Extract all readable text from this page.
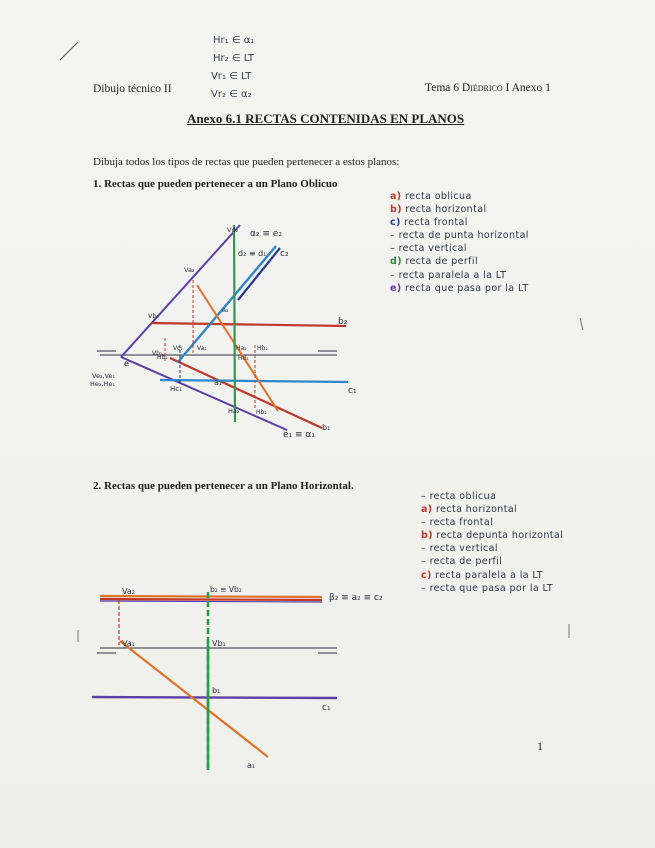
Hr₁ ∈ α₁
Hr₂ ∈ LT
Vr₁ ∈ LT
Vr₂ ∈ α₂
Dibujo técnico II	Tema 6 Diédrico I Anexo 1
Anexo 6.1 RECTAS CONTENIDAS EN PLANOS
Dibuja todos los tipos de rectas que pueden pertenecer a estos planos:
1. Rectas que pueden pertenecer a un Plano Oblicuo
a) recta oblicua
b) recta horizontal
c) recta frontal
– recta de punta horizontal
– recta vertical
d) recta de perfil
– recta paralela a la LT
e) recta que pasa por la LT
2. Rectas que pueden pertenecer a un Plano Horizontal.
– recta oblicua
a) recta horizontal
– recta frontal
b) recta depunta horizontal
– recta vertical
– recta de perfil
c) recta paralela a la LT
– recta que pasa por la LT
1
α₂ ≡ e₂
d₂ ≡ d₁ c₂
b₂
c₁
e₁ ≡ α₁
b₁
e
Ve₂,Ve₁
He₂,He₁
Vd₂
Va₂
Vb₂
a₂
Vc₂
Vb₁
Va₁	Ha₂
Hd₁
Hb₂
Hc₁
a₁
Ha₂	Hb₂
Hb₁
Va₂	b₂ ≡ Vb₂
β₂ ≡ a₂ ≡ c₂
Va₁	Vb₁
b₁
c₁
a₁
